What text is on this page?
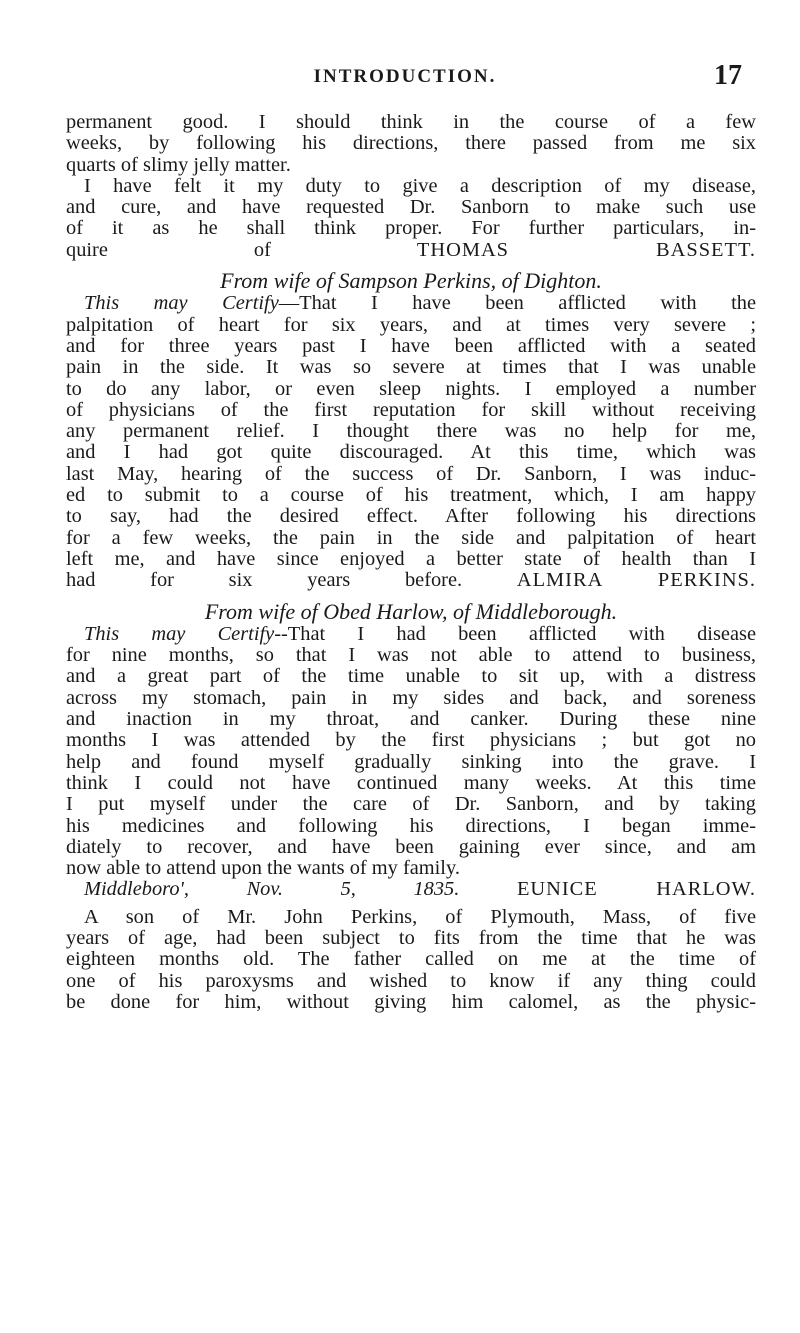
INTRODUCTION.	17
permanent good. I should think in the course of a few
weeks, by following his directions, there passed from me six
quarts of slimy jelly matter.
I have felt it my duty to give a description of my disease,
and cure, and have requested Dr. Sanborn to make such use
of it as he shall think proper. For further particulars, in-
quire of	THOMAS BASSETT.
From wife of Sampson Perkins, of Dighton.
This may Certify—That I have been afflicted with the
palpitation of heart for six years, and at times very severe ;
and for three years past I have been afflicted with a seated
pain in the side. It was so severe at times that I was unable
to do any labor, or even sleep nights. I employed a number
of physicians of the first reputation for skill without receiving
any permanent relief. I thought there was no help for me,
and I had got quite discouraged. At this time, which was
last May, hearing of the success of Dr. Sanborn, I was induc-
ed to submit to a course of his treatment, which, I am happy
to say, had the desired effect. After following his directions
for a few weeks, the pain in the side and palpitation of heart
left me, and have since enjoyed a better state of health than I
had for six years before.	ALMIRA PERKINS.
From wife of Obed Harlow, of Middleborough.
This may Certify--That I had been afflicted with disease
for nine months, so that I was not able to attend to business,
and a great part of the time unable to sit up, with a distress
across my stomach, pain in my sides and back, and soreness
and inaction in my throat, and canker. During these nine
months I was attended by the first physicians ; but got no
help and found myself gradually sinking into the grave. I
think I could not have continued many weeks. At this time
I put myself under the care of Dr. Sanborn, and by taking
his medicines and following his directions, I began imme-
diately to recover, and have been gaining ever since, and am
now able to attend upon the wants of my family.
Middleboro', Nov. 5, 1835.	EUNICE HARLOW.
A son of Mr. John Perkins, of Plymouth, Mass, of five
years of age, had been subject to fits from the time that he was
eighteen months old. The father called on me at the time of
one of his paroxysms and wished to know if any thing could
be done for him, without giving him calomel, as the physic-
